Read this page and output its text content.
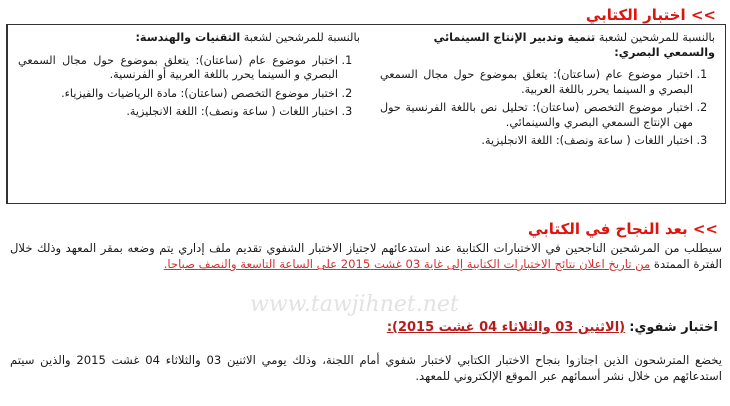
www.tawjihnet.net
>> اختبار الكتابي
بالنسبة للمرشحين لشعبة التقنيات والهندسة:
1. اختبار موضوع عام (ساعتان): يتعلق بموضوع حول مجال السمعي البصري و السينما يحرر باللغة العربية أو الفرنسية.
2. اختبار موضوع التخصص (ساعتان): مادة الرياضيات والفيزياء.
3. اختبار اللغات ( ساعة ونصف): اللغة الانجليزية.
بالنسبة للمرشحين لشعبة تنمية وتدبير الإنتاج السينمائي والسمعي البصري:
1. اختبار موضوع عام (ساعتان): يتعلق بموضوع حول مجال السمعي البصري و السينما يحرر باللغة العربية.
2. اختبار موضوع التخصص (ساعتان): تحليل نص باللغة الفرنسية حول مهن الإنتاج السمعي البصري والسينمائي.
3. اختبار اللغات ( ساعة ونصف): اللغة الانجليزية.
>> بعد النجاح في الكتابي
سيطلب من المرشحين الناجحين في الاختبارات الكتابية عند استدعائهم لاجتياز الاختبار الشفوي تقديم ملف إداري يتم وضعه بمقر المعهد وذلك خلال الفترة الممتدة من تاريخ اعلان نتائج الاختبارات الكتابية إلى غاية 03 غشت 2015 على الساعة التاسعة والنصف صباحا.
اختبار شفوي: (الاثنين 03 والثلاثاء 04 غشت 2015):
يخضع المترشحون الذين اجتازوا بنجاح الاختبار الكتابي لاختبار شفوي أمام اللجنة، وذلك يومي الاثنين 03 والثلاثاء 04 غشت 2015 والذين سيتم استدعائهم من خلال نشر أسمائهم عبر الموقع الإلكتروني للمعهد.
